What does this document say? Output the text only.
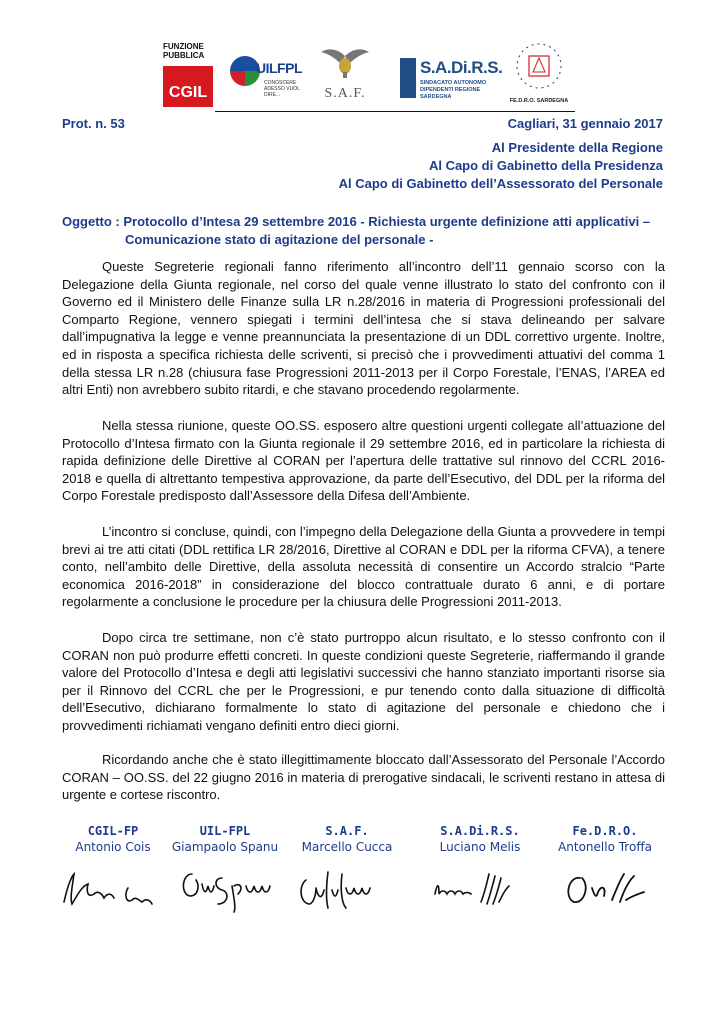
FUNZIONE
PUBBLICA
CGIL
UILFPL
CONOSCERE ADESSO VUOL DIRE...	S.A.F.
S.A.Di.R.S.
SINDACATO AUTONOMO
DIPENDENTI REGIONE SARDEGNA
FE.D.R.O. SARDEGNA
Prot. n. 53	Cagliari, 31 gennaio 2017
Al Presidente della Regione
Al Capo di Gabinetto della Presidenza
Al Capo di Gabinetto dell’Assessorato del Personale
Oggetto : Protocollo d’Intesa 29 settembre 2016 - Richiesta urgente definizione atti applicativi –
Comunicazione stato di agitazione del personale -

Queste Segreterie regionali fanno riferimento all’incontro dell’11 gennaio scorso con la Delegazione della Giunta regionale, nel corso del quale venne illustrato lo stato del confronto con il Governo ed il Ministero delle Finanze sulla LR n.28/2016 in materia di Progressioni professionali del Comparto Regione, vennero spiegati i termini dell’intesa che si stava delineando per salvare dall’impugnativa la legge e venne preannunciata la presentazione di un DDL correttivo urgente. Inoltre, ed in risposta a specifica richiesta delle scriventi, si precisò che i provvedimenti attuativi del comma 1 della stessa LR n.28 (chiusura fase Progressioni 2011-2013 per il Corpo Forestale, l’ENAS, l’AREA ed altri Enti) non avrebbero subito ritardi, e che stavano procedendo regolarmente.

Nella stessa riunione, queste OO.SS. esposero altre questioni urgenti collegate all’attuazione del Protocollo d’Intesa firmato con la Giunta regionale il 29 settembre 2016, ed in particolare la richiesta di rapida definizione delle Direttive al CORAN per l’apertura delle trattative sul rinnovo del CCRL 2016-2018 e quella di altrettanto tempestiva approvazione, da parte dell’Esecutivo, del DDL per la riforma del Corpo Forestale predisposto dall’Assessore della Difesa dell’Ambiente.

L’incontro si concluse, quindi, con l’impegno della Delegazione della Giunta a provvedere in tempi brevi ai tre atti citati (DDL rettifica LR 28/2016, Direttive al CORAN e DDL per la riforma CFVA), a tenere conto, nell’ambito delle Direttive, della assoluta necessità di consentire un Accordo stralcio “Parte economica 2016-2018” in considerazione del blocco contrattuale durato 6 anni, e di portare regolarmente a conclusione le procedure per la chiusura delle Progressioni 2011-2013.

Dopo circa tre settimane, non c’è stato purtroppo alcun risultato, e lo stesso confronto con il CORAN non può produrre effetti concreti. In queste condizioni queste Segreterie, riaffermando il grande valore del Protocollo d’Intesa e degli atti legislativi successivi che hanno stanziato importanti risorse sia per il Rinnovo del CCRL che per le Progressioni, e pur tenendo conto dalla situazione di difficoltà dell’Esecutivo, dichiarano formalmente lo stato di agitazione del personale e chiedono che i provvedimenti richiamati vengano definiti entro dieci giorni.

Ricordando anche che è stato illegittimamente bloccato dall’Assessorato del Personale l’Accordo CORAN – OO.SS. del 22 giugno 2016 in materia di prerogative sindacali, le scriventi restano in attesa di urgente e cortese riscontro.

CGIL-FP
Antonio Cois
UIL-FPL
Giampaolo Spanu
S.A.F.
Marcello Cucca
S.A.Di.R.S.
Luciano Melis
Fe.D.R.O.
Antonello Troffa
